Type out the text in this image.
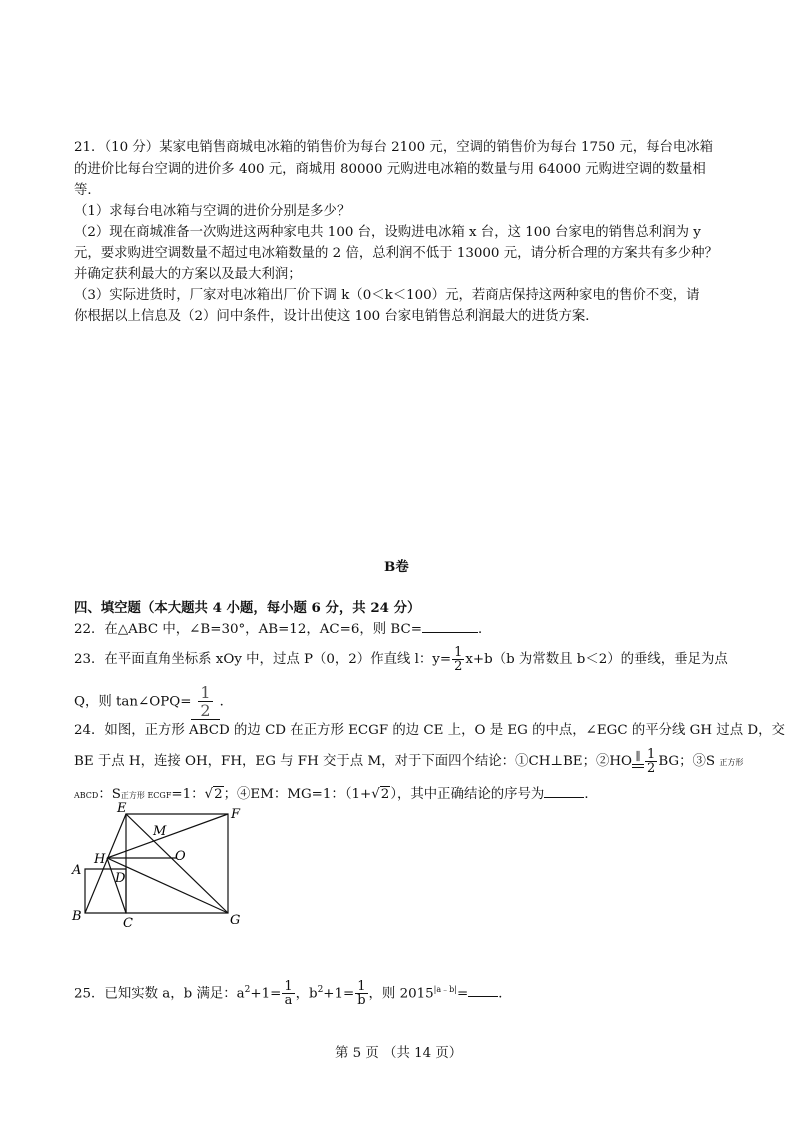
21．（10 分）某家电销售商城电冰箱的销售价为每台 2100 元，空调的销售价为每台 1750 元，每台电冰箱
的进价比每台空调的进价多 400 元，商城用 80000 元购进电冰箱的数量与用 64000 元购进空调的数量相
等．
（1）求每台电冰箱与空调的进价分别是多少？
（2）现在商城准备一次购进这两种家电共 100 台，设购进电冰箱 x 台，这 100 台家电的销售总利润为 y
元，要求购进空调数量不超过电冰箱数量的 2 倍，总利润不低于 13000 元，请分析合理的方案共有多少种？
并确定获利最大的方案以及最大利润；
（3）实际进货时，厂家对电冰箱出厂价下调 k（0＜k＜100）元，若商店保持这两种家电的售价不变，请
你根据以上信息及（2）问中条件，设计出使这 100 台家电销售总利润最大的进货方案．
B卷
四、填空题（本大题共 4 小题，每小题 6 分，共 24 分）
22．在△ABC 中，∠B=30°，AB=12，AC=6，则 BC=	．
23．在平面直角坐标系 xOy 中，过点 P（0，2）作直线 l：$y= \frac{1}{2} x+b(b$ 为常数且 b＜2）的垂线，垂足为点
Q，则 tan∠OPQ= $\frac{1}{2}$ ．
24．如图，正方形 ABCD 的边 CD 在正方形 ECGF 的边 CE 上，O 是 EG 的中点，∠EGC 的平分线 GH 过点 D，交
BE 于点 H，连接 OH，FH，EG 与 FH 交于点 M，对于下面四个结论：①CH⊥BE；②HO $^\parallel \frac{1}{2}$ BG；③S 正方形
ABCD：S正方形 ECGF=1：√2；④EM：MG=1：（1+√2），其中正确结论的序号为	．
E	F
M
H	O
A
D
B	C	G
25．已知实数 a，b 满足：$a^2+1= \frac{1}{a}$ ，$b^2+1= \frac{1}{b}$ ，则 $2015^{|a﹣b|}=$ ．
第 5 页 （共 14 页）
